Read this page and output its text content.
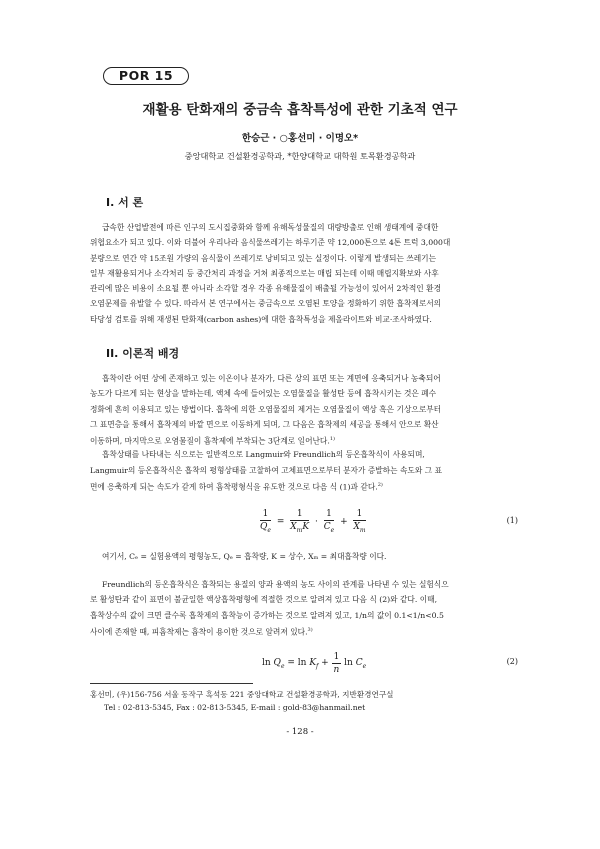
POR 15
재활용 탄화재의 중금속 흡착특성에 관한 기초적 연구
한승근 · ○홍선미 · 이명오*
중앙대학교 건설환경공학과, *한양대학교 대학원 토목환경공학과
I. 서 론
급속한 산업발전에 따른 인구의 도시집중화와 함께 유해독성물질의 대량방출로 인해 생태계에 중대한
위협요소가 되고 있다. 이와 더불어 우리나라 음식물쓰레기는 하루기준 약 12,000톤으로 4톤 트럭 3,000대
분량으로 연간 약 15조원 가량의 음식물이 쓰레기로 낭비되고 있는 실정이다. 이렇게 발생되는 쓰레기는
일부 재활용되거나 소각처리 등 중간처리 과정을 거쳐 최종적으로는 매립 되는데 이때 매립지확보와 사후
관리에 많은 비용이 소요될 뿐 아니라 소각할 경우 각종 유해물질이 배출될 가능성이 있어서 2차적인 환경
오염문제를 유발할 수 있다. 따라서 본 연구에서는 중금속으로 오염된 토양을 정화하기 위한 흡착제로서의
타당성 검토를 위해 재생된 탄화재(carbon ashes)에 대한 흡착특성을 제올라이트와 비교·조사하였다.
II. 이론적 배경
흡착이란 어떤 상에 존재하고 있는 이온이나 분자가, 다른 상의 표면 또는 계면에 응축되거나 농축되어
농도가 다르게 되는 현상을 말하는데, 액체 속에 들어있는 오염물질을 활성탄 등에 흡착시키는 것은 폐수
정화에 흔히 이용되고 있는 방법이다. 흡착에 의한 오염물질의 제거는 오염물질이 액상 혹은 기상으로부터
그 표면층을 통해서 흡착제의 바깥 면으로 이동하게 되며, 그 다음은 흡착제의 세공을 통해서 안으로 확산
이동하며, 마지막으로 오염물질이 흡착제에 부착되는 3단계로 일어난다.$^{1)}$
흡착상태를 나타내는 식으로는 일반적으로 Langmuir와 Freundlich의 등온흡착식이 사용되며,
Langmuir의 등온흡착식은 흡착의 평형상태를 고찰하여 고체표면으로부터 분자가 증발하는 속도와 그 표
면에 응축하게 되는 속도가 같게 하여 흡착평형식을 유도한 것으로 다음 식 (1)과 같다.$^{2)}$
$\frac{1}{Q_e} = \frac{1}{X_mK} \cdot \frac{1}{C_e} + \frac{1}{X_m}$	(1)
여기서, Cₑ = 실험용액의 평형농도, Qₑ = 흡착량, K = 상수, Xₘ = 최대흡착량 이다.
Freundlich의 등온흡착식은 흡착되는 용질의 양과 용액의 농도 사이의 관계를 나타낸 수 있는 실험식으
로 활성탄과 같이 표면이 불균일한 액상흡착평형에 적절한 것으로 알려져 있고 다음 식 (2)와 같다. 이때,
흡착상수의 값이 크면 클수록 흡착제의 흡착능이 증가하는 것으로 알려져 있고, 1/n의 값이 0.1<1/n<0.5
사이에 존재할 때, 피흡착제는 흡착이 용이한 것으로 알려져 있다.$^{3)}$
$\ln Q_e = \ln K_f + \frac{1}{n}$ $\ln C_e$	(2)
홍선미, (우)156-756 서울 동작구 흑석동 221 중앙대학교 건설환경공학과, 지반환경연구실
Tel : 02-813-5345, Fax : 02-813-5345, E-mail : gold-83@hanmail.net
- 128 -
